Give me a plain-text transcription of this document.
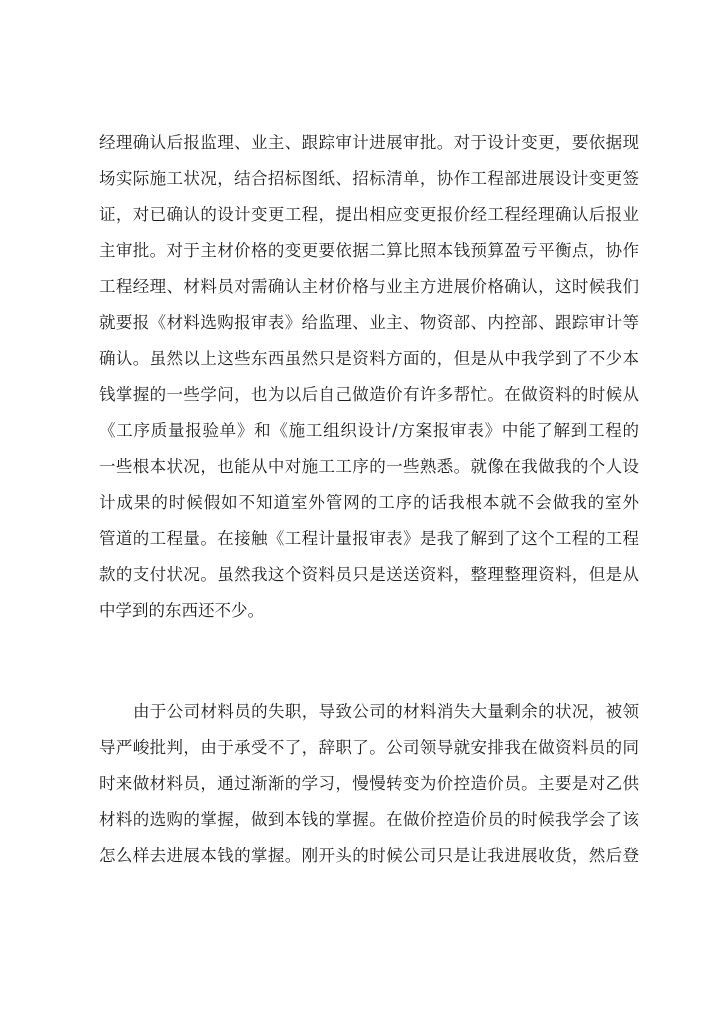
经理确认后报监理、业主、跟踪审计进展审批。对于设计变更，要依据现
场实际施工状况，结合招标图纸、招标清单，协作工程部进展设计变更签
证，对已确认的设计变更工程，提出相应变更报价经工程经理确认后报业
主审批。对于主材价格的变更要依据二算比照本钱预算盈亏平衡点，协作
工程经理、材料员对需确认主材价格与业主方进展价格确认，这时候我们
就要报《材料选购报审表》给监理、业主、物资部、内控部、跟踪审计等
确认。虽然以上这些东西虽然只是资料方面的，但是从中我学到了不少本
钱掌握的一些学问，也为以后自己做造价有许多帮忙。在做资料的时候从
《工序质量报验单》和《施工组织设计/方案报审表》中能了解到工程的
一些根本状况，也能从中对施工工序的一些熟悉。就像在我做我的个人设
计成果的时候假如不知道室外管网的工序的话我根本就不会做我的室外
管道的工程量。在接触《工程计量报审表》是我了解到了这个工程的工程
款的支付状况。虽然我这个资料员只是送送资料，整理整理资料，但是从
中学到的东西还不少。
由于公司材料员的失职，导致公司的材料消失大量剩余的状况，被领
导严峻批判，由于承受不了，辞职了。公司领导就安排我在做资料员的同
时来做材料员，通过渐渐的学习，慢慢转变为价控造价员。主要是对乙供
材料的选购的掌握，做到本钱的掌握。在做价控造价员的时候我学会了该
怎么样去进展本钱的掌握。刚开头的时候公司只是让我进展收货，然后登
